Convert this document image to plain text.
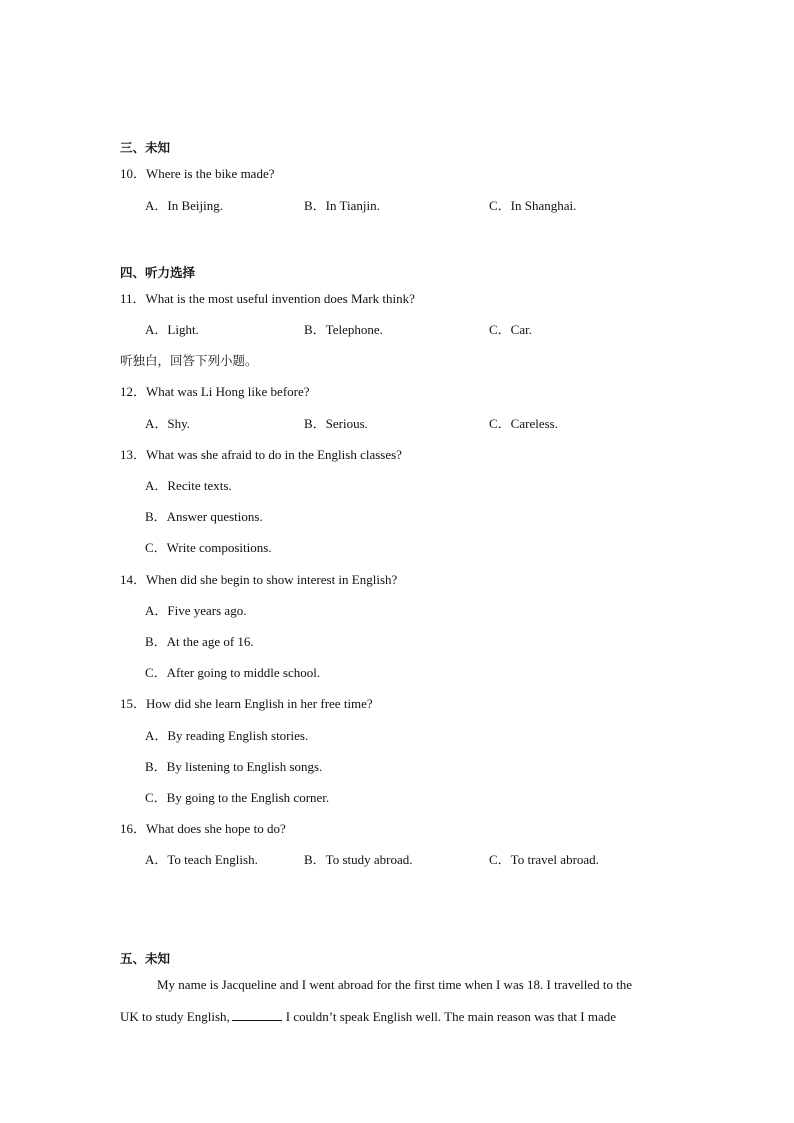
三、未知
10．Where is the bike made?
A．In Beijing.	B．In Tianjin.	C．In Shanghai.
四、听力选择
11．What is the most useful invention does Mark think?
A．Light.	B．Telephone.	C．Car.
听独白，回答下列小题。
12．What was Li Hong like before?
A．Shy.	B．Serious.	C．Careless.
13．What was she afraid to do in the English classes?
A．Recite texts.
B．Answer questions.
C．Write compositions.
14．When did she begin to show interest in English?
A．Five years ago.
B．At the age of 16.
C．After going to middle school.
15．How did she learn English in her free time?
A．By reading English stories.
B．By listening to English songs.
C．By going to the English corner.
16．What does she hope to do?
A．To teach English.	B．To study abroad.	C．To travel abroad.
五、未知
My name is Jacqueline and I went abroad for the first time when I was 18. I travelled to the
UK to study English,	I couldn’t speak English well. The main reason was that I made
